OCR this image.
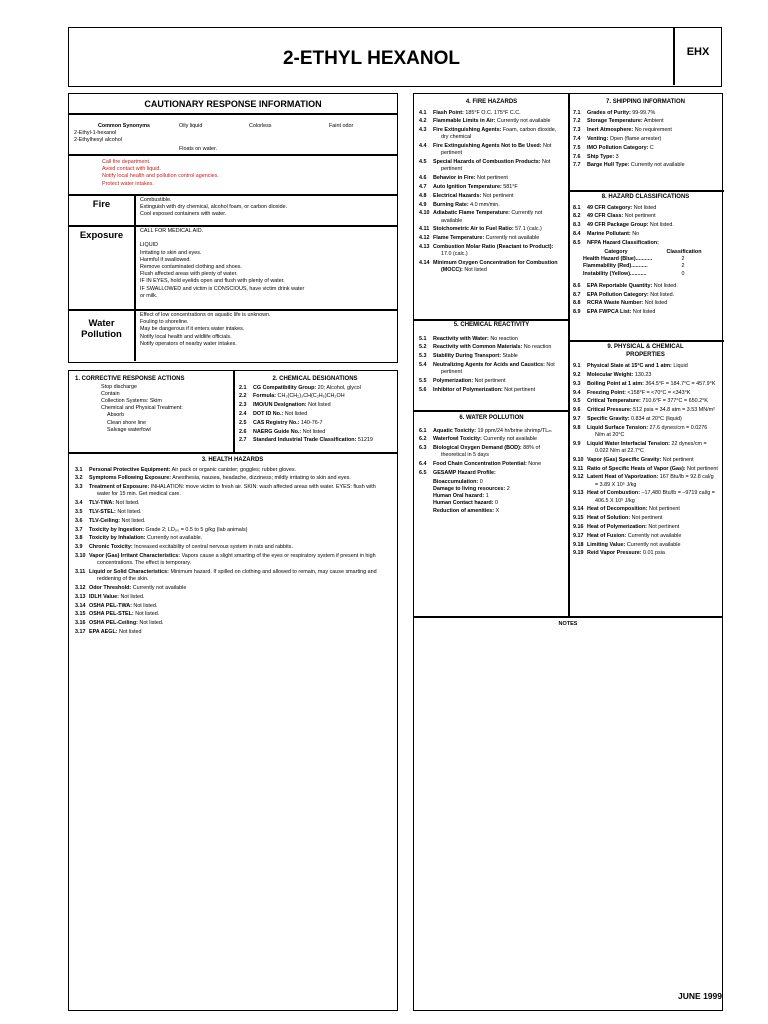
2-ETHYL HEXANOL	EHX
CAUTIONARY RESPONSE INFORMATION
Common Synonyms
2-Ethyl-1-hexanol
2-Ethylhexyl alcohol
Oily liquid	Colorless	Faint odor
Floats on water.
Call fire department.
Avoid contact with liquid.
Notify local health and pollution control agencies.
Protect water intakes.
Fire	Combustible.
Extinguish with dry chemical, alcohol foam, or carbon dioxide.
Cool exposed containers with water.
Exposure	CALL FOR MEDICAL AID.
LIQUID
Irritating to skin and eyes.
Harmful if swallowed.
Remove contaminated clothing and shoes.
Flush affected areas with plenty of water.
IF IN EYES, hold eyelids open and flush with plenty of water.
IF SWALLOWED and victim is CONSCIOUS, have victim drink water
or milk.
Water
Pollution
Effect of low concentrations on aquatic life is unknown.
Fouling to shoreline.
May be dangerous if it enters water intakes.
Notify local health and wildlife officials.
Notify operators of nearby water intakes.
1. CORRECTIVE RESPONSE ACTIONS
Stop discharge
Contain
Collection Systems: Skim
Chemical and Physical Treatment:
Absorb
Clean shore line
Salvage waterfowl
2. CHEMICAL DESIGNATIONS
2.1 CG Compatibility Group: 20; Alcohol, glycol
2.2 Formula: CH₃(CH₂)₃CH(C₂H₅)CH₂OH
2.3 IMO/UN Designation: Not listed
2.4 DOT ID No.: Not listed
2.5 CAS Registry No.: 140-76-7
2.6 NAERG Guide No.: Not listed
2.7 Standard Industrial Trade Classification: 51219
3. HEALTH HAZARDS
3.1 Personal Protective Equipment: Air pack or organic canister; goggles; rubber gloves.
3.2 Symptoms Following Exposure: Anesthesia, nausea, headache, dizziness; mildly irritating to skin and eyes.
3.3 Treatment of Exposure: INHALATION: move victim to fresh air. SKIN: wash affected areas with water. EYES: flush with water for 15 min. Get medical care.
3.4 TLV-TWA: Not listed.
3.5 TLV-STEL: Not listed.
3.6 TLV-Ceiling: Not listed.
3.7 Toxicity by Ingestion: Grade 2; LD₅₀ = 0.5 to 5 g/kg (lab animals)
3.8 Toxicity by Inhalation: Currently not available.
3.9 Chronic Toxicity: Increased excitability of central nervous system in rats and rabbits.
3.10 Vapor (Gas) Irritant Characteristics: Vapors cause a slight smarting of the eyes or respiratory system if present in high concentrations. The effect is temporary.
3.11 Liquid or Solid Characteristics: Minimum hazard. If spilled on clothing and allowed to remain, may cause smarting and reddening of the skin.
3.12 Odor Threshold: Currently not available
3.13 IDLH Value: Not listed.
3.14 OSHA PEL-TWA: Not listed.
3.15 OSHA PEL-STEL: Not listed.
3.16 OSHA PEL-Ceiling: Not listed.
3.17 EPA AEGL: Not listed
4. FIRE HAZARDS
4.1 Flash Point: 185°F O.C. 175°F C.C.
4.2 Flammable Limits in Air: Currently not available
4.3 Fire Extinguishing Agents: Foam, carbon dioxide, dry chemical
4.4 Fire Extinguishing Agents Not to Be Used: Not pertinent
4.5 Special Hazards of Combustion Products: Not pertinent
4.6 Behavior in Fire: Not pertinent
4.7 Auto Ignition Temperature: 581°F
4.8 Electrical Hazards: Not pertinent
4.9 Burning Rate: 4.0 mm/min.
4.10 Adiabatic Flame Temperature: Currently not available
4.11 Stoichometric Air to Fuel Ratio: 57.1 (calc.)
4.12 Flame Temperature: Currently not available
4.13 Combustion Molar Ratio (Reactant to Product): 17.0 (calc.)
4.14 Minimum Oxygen Concentration for Combustion (MOCC): Not listed
5. CHEMICAL REACTIVITY
5.1 Reactivity with Water: No reaction
5.2 Reactivity with Common Materials: No reaction
5.3 Stability During Transport: Stable
5.4 Neutralizing Agents for Acids and Caustics: Not pertinent
5.5 Polymerization: Not pertinent
5.6 Inhibitor of Polymerization: Not pertinent
6. WATER POLLUTION
6.1 Aquatic Toxicity: 19 ppm/24 hr/brine shrimp/TLₘ
6.2 Waterfowl Toxicity: Currently not available
6.3 Biological Oxygen Demand (BOD): 88% of theoretical in 5 days
6.4 Food Chain Concentration Potential: None
6.5 GESAMP Hazard Profile:
Bioaccumulation: 0
Damage to living resources: 2
Human Oral hazard: 1
Human Contact hazard: 0
Reduction of amenities: X
7. SHIPPING INFORMATION
7.1 Grades of Purity: 99-99.7%
7.2 Storage Temperature: Ambient
7.3 Inert Atmosphere: No requirement
7.4 Venting: Open (flame arrester)
7.5 IMO Pollution Category: C
7.6 Ship Type: 3
7.7 Barge Hull Type: Currently not available
8. HAZARD CLASSIFICATIONS
8.1 49 CFR Category: Not listed
8.2 49 CFR Class: Not pertinent
8.3 49 CFR Package Group: Not listed.
8.4 Marine Pollutant: No
8.5 NFPA Hazard Classification:
Category	Classification
Health Hazard (Blue)...........	2
Flammability (Red)...........	2
Instability (Yellow)...........	0
8.6 EPA Reportable Quantity: Not listed.
8.7 EPA Pollution Category: Not listed.
8.8 RCRA Waste Number: Not listed
8.9 EPA FWPCA List: Not listed
9. PHYSICAL & CHEMICAL
PROPERTIES
9.1 Physical State at 15°C and 1 atm: Liquid
9.2 Molecular Weight: 130.23
9.3 Boiling Point at 1 atm: 364.5°F = 184.7°C = 457.9°K
9.4 Freezing Point: <158°F = <70°C = <343°K
9.5 Critical Temperature: 710.6°F = 377°C = 650.2°K
9.6 Critical Pressure: 512 psia = 34.8 atm = 3.53 MN/m²
9.7 Specific Gravity: 0.834 at 20°C (liquid)
9.8 Liquid Surface Tension: 27.6 dynes/cm = 0.0276 N/m at 20°C
9.9 Liquid Water Interfacial Tension: 22 dynes/cm = 0.022 N/m at 22.7°C
9.10 Vapor (Gas) Specific Gravity: Not pertinent
9.11 Ratio of Specific Heats of Vapor (Gas): Not pertinent
9.12 Latent Heat of Vaporization: 167 Btu/lb = 92.8 cal/g = 3.89 X 10⁵ J/kg
9.13 Heat of Combustion: –17,480 Btu/lb = –9719 cal/g = 406.5 X 10⁵ J/kg
9.14 Heat of Decomposition: Not pertinent
9.15 Heat of Solution: Not pertinent
9.16 Heat of Polymerization: Not pertinent
9.17 Heat of Fusion: Currently not available
9.18 Limiting Value: Currently not available
9.19 Reid Vapor Pressure: 0.01 psia
NOTES
JUNE 1999
